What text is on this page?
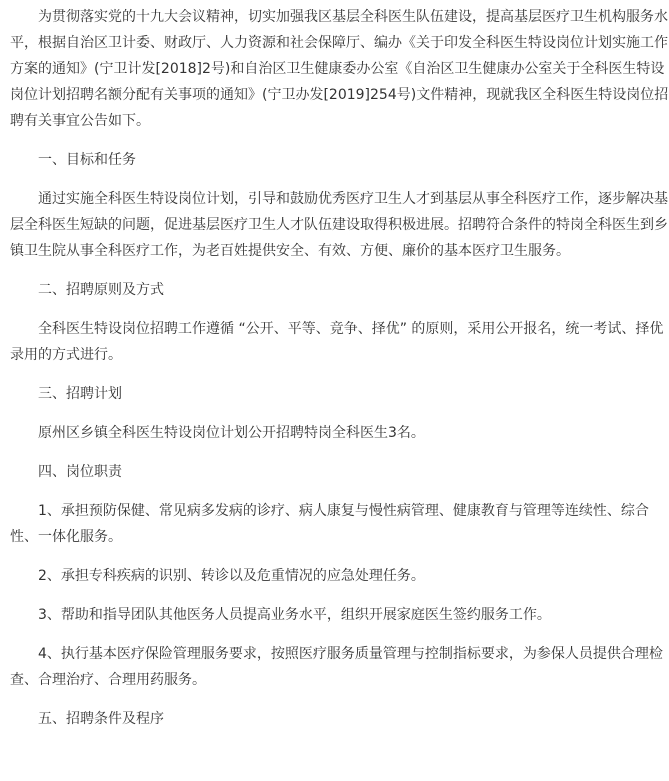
为贯彻落实党的十九大会议精神，切实加强我区基层全科医生队伍建设，提高基层医疗卫生机构服务水平，根据自治区卫计委、财政厅、人力资源和社会保障厅、编办《关于印发全科医生特设岗位计划实施工作方案的通知》(宁卫计发[2018]2号)和自治区卫生健康委办公室《自治区卫生健康办公室关于全科医生特设岗位计划招聘名额分配有关事项的通知》(宁卫办发[2019]254号)文件精神，现就我区全科医生特设岗位招聘有关事宜公告如下。

一、目标和任务

通过实施全科医生特设岗位计划，引导和鼓励优秀医疗卫生人才到基层从事全科医疗工作，逐步解决基层全科医生短缺的问题，促进基层医疗卫生人才队伍建设取得积极进展。招聘符合条件的特岗全科医生到乡镇卫生院从事全科医疗工作，为老百姓提供安全、有效、方便、廉价的基本医疗卫生服务。

二、招聘原则及方式

全科医生特设岗位招聘工作遵循 “公开、平等、竞争、择优” 的原则，采用公开报名，统一考试、择优录用的方式进行。

三、招聘计划

原州区乡镇全科医生特设岗位计划公开招聘特岗全科医生3名。

四、岗位职责

1、承担预防保健、常见病多发病的诊疗、病人康复与慢性病管理、健康教育与管理等连续性、综合性、一体化服务。

2、承担专科疾病的识别、转诊以及危重情况的应急处理任务。

3、帮助和指导团队其他医务人员提高业务水平，组织开展家庭医生签约服务工作。

4、执行基本医疗保险管理服务要求，按照医疗服务质量管理与控制指标要求，为参保人员提供合理检查、合理治疗、合理用药服务。

五、招聘条件及程序
